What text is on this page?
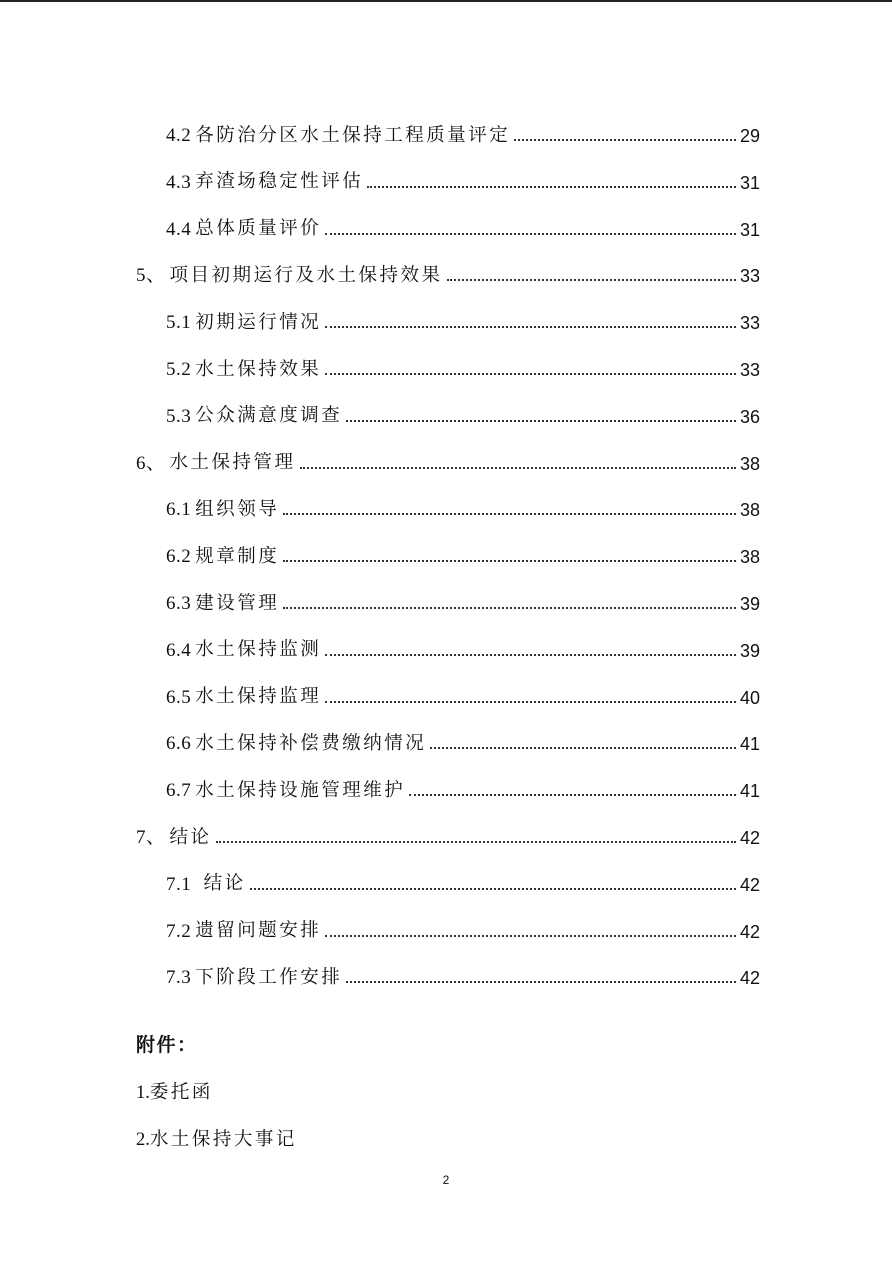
4.2 各防治分区水土保持工程质量评定	29
4.3 弃渣场稳定性评估	31
4.4 总体质量评价	31
5、 项目初期运行及水土保持效果	33
5.1 初期运行情况	33
5.2 水土保持效果	33
5.3 公众满意度调查	36
6、 水土保持管理	38
6.1 组织领导	38
6.2 规章制度	38
6.3 建设管理	39
6.4 水土保持监测	39
6.5 水土保持监理	40
6.6 水土保持补偿费缴纳情况	41
6.7 水土保持设施管理维护	41
7、 结论	42
7.1 结论	42
7.2 遗留问题安排	42
7.3 下阶段工作安排	42
附件：
1.委托函
2.水土保持大事记
2
